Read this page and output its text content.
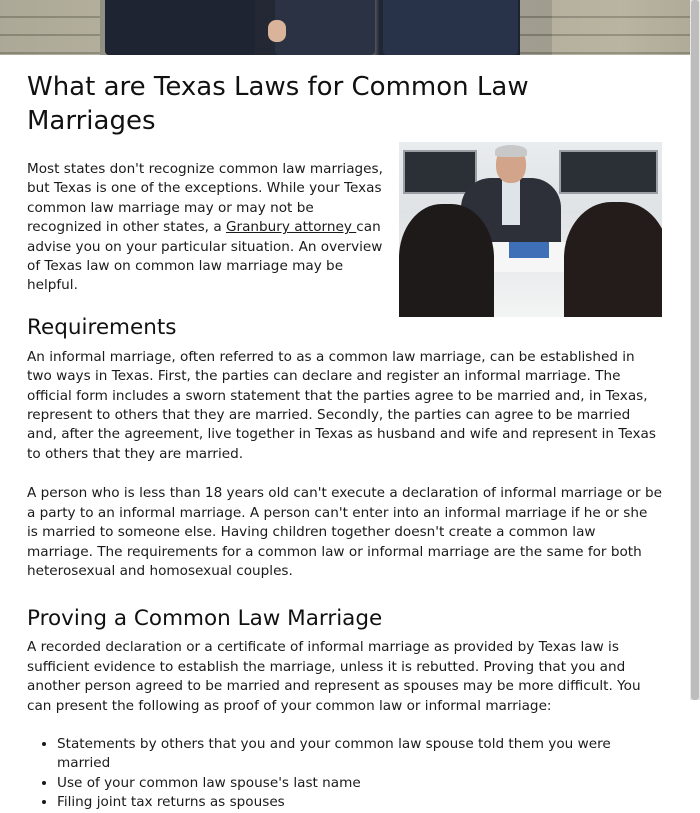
What are Texas Laws for Common Law Marriages

Most states don't recognize common law marriages, but Texas is one of the exceptions. While your Texas common law marriage may or may not be recognized in other states, a Granbury attorney can advise you on your particular situation. An overview of Texas law on common law marriage may be helpful.

Requirements

An informal marriage, often referred to as a common law marriage, can be established in two ways in Texas. First, the parties can declare and register an informal marriage. The official form includes a sworn statement that the parties agree to be married and, in Texas, represent to others that they are married. Secondly, the parties can agree to be married and, after the agreement, live together in Texas as husband and wife and represent in Texas to others that they are married.

A person who is less than 18 years old can't execute a declaration of informal marriage or be a party to an informal marriage. A person can't enter into an informal marriage if he or she is married to someone else. Having children together doesn't create a common law marriage. The requirements for a common law or informal marriage are the same for both heterosexual and homosexual couples.

Proving a Common Law Marriage

A recorded declaration or a certificate of informal marriage as provided by Texas law is sufficient evidence to establish the marriage, unless it is rebutted. Proving that you and another person agreed to be married and represent as spouses may be more difficult. You can present the following as proof of your common law or informal marriage:

• Statements by others that you and your common law spouse told them you were married
• Use of your common law spouse's last name
• Filing joint tax returns as spouses
